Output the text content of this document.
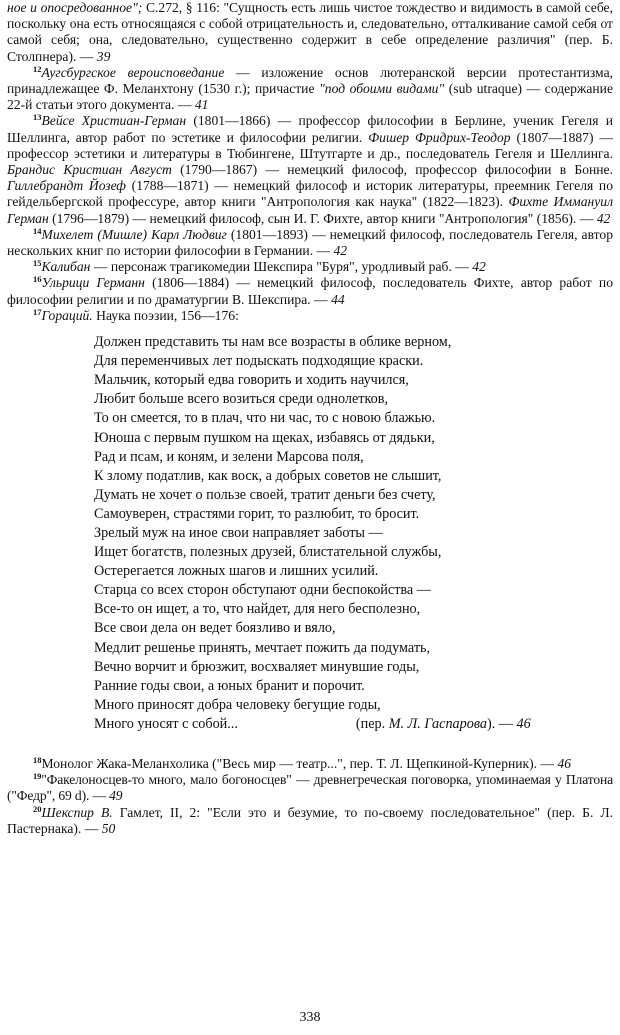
ное и опосредованное"; С.272, § 116: "Сущность есть лишь чистое тождество и видимость в самой себе, поскольку она есть относящаяся с собой отрицательность и, следовательно, отталкивание самой себя от самой себя; она, следовательно, существенно содержит в себе определение различия" (пер. Б. Столпнера). — 39

$^{12}$Аугсбургское вероисповедание — изложение основ лютеранской версии протестантизма, принадлежащее Ф. Меланхтону (1530 г.); причастие "под обоими видами" (sub utraque) — содержание 22-й статьи этого документа. — 41

$^{13}$Вейсе Христиан-Герман (1801—1866) — профессор философии в Берлине, ученик Гегеля и Шеллинга, автор работ по эстетике и философии религии. Фишер Фридрих-Теодор (1807—1887) — профессор эстетики и литературы в Тюбингене, Штутгарте и др., последователь Гегеля и Шеллинга. Брандис Кристиан Август (1790—1867) — немецкий философ, профессор философии в Бонне. Гиллебрандт Йозеф (1788—1871) — немецкий философ и историк литературы, преемник Гегеля по гейдельбергской профессуре, автор книги "Антропология как наука" (1822—1823). Фихте Иммануил Герман (1796—1879) — немецкий философ, сын И. Г. Фихте, автор книги "Антропология" (1856). — 42

$^{14}$Михелет (Мишле) Карл Людвиг (1801—1893) — немецкий философ, последователь Гегеля, автор нескольких книг по истории философии в Германии. — 42

$^{15}$Калибан — персонаж трагикомедии Шекспира "Буря", уродливый раб. — 42

$^{16}$Ульрици Германн (1806—1884) — немецкий философ, последователь Фихте, автор работ по философии религии и по драматургии В. Шекспира. — 44

$^{17}$Гораций. Наука поэзии, 156—176:

Должен представить ты нам все возрасты в облике верном,
Для переменчивых лет подыскать подходящие краски.
Мальчик, который едва говорить и ходить научился,
Любит больше всего возиться среди однолетков,
То он смеется, то в плач, что ни час, то с новою блажью.
Юноша с первым пушком на щеках, избавясь от дядьки,
Рад и псам, и коням, и зелени Марсова поля,
К злому податлив, как воск, а добрых советов не слышит,
Думать не хочет о пользе своей, тратит деньги без счету,
Самоуверен, страстями горит, то разлюбит, то бросит.
Зрелый муж на иное свои направляет заботы —
Ищет богатств, полезных друзей, блистательной службы,
Остерегается ложных шагов и лишних усилий.
Старца со всех сторон обступают одни беспокойства —
Все-то он ищет, а то, что найдет, для него бесполезно,
Все свои дела он ведет боязливо и вяло,
Медлит решенье принять, мечтает пожить да подумать,
Вечно ворчит и брюзжит, восхваляет минувшие годы,
Ранние годы свои, а юных бранит и порочит.
Много приносят добра человеку бегущие годы,
Много уносят с собой...	(пер. М. Л. Гаспарова). — 46

$^{18}$Монолог Жака-Меланхолика ("Весь мир — театр...", пер. Т. Л. Щепкиной-Куперник). — 46

$^{19}$"Факелоносцев-то много, мало богоносцев" — древнегреческая поговорка, упоминаемая у Платона ("Федр", 69 d). — 49

$^{20}$Шекспир В. Гамлет, II, 2: "Если это и безумие, то по-своему последовательное" (пер. Б. Л. Пастернака). — 50

338
